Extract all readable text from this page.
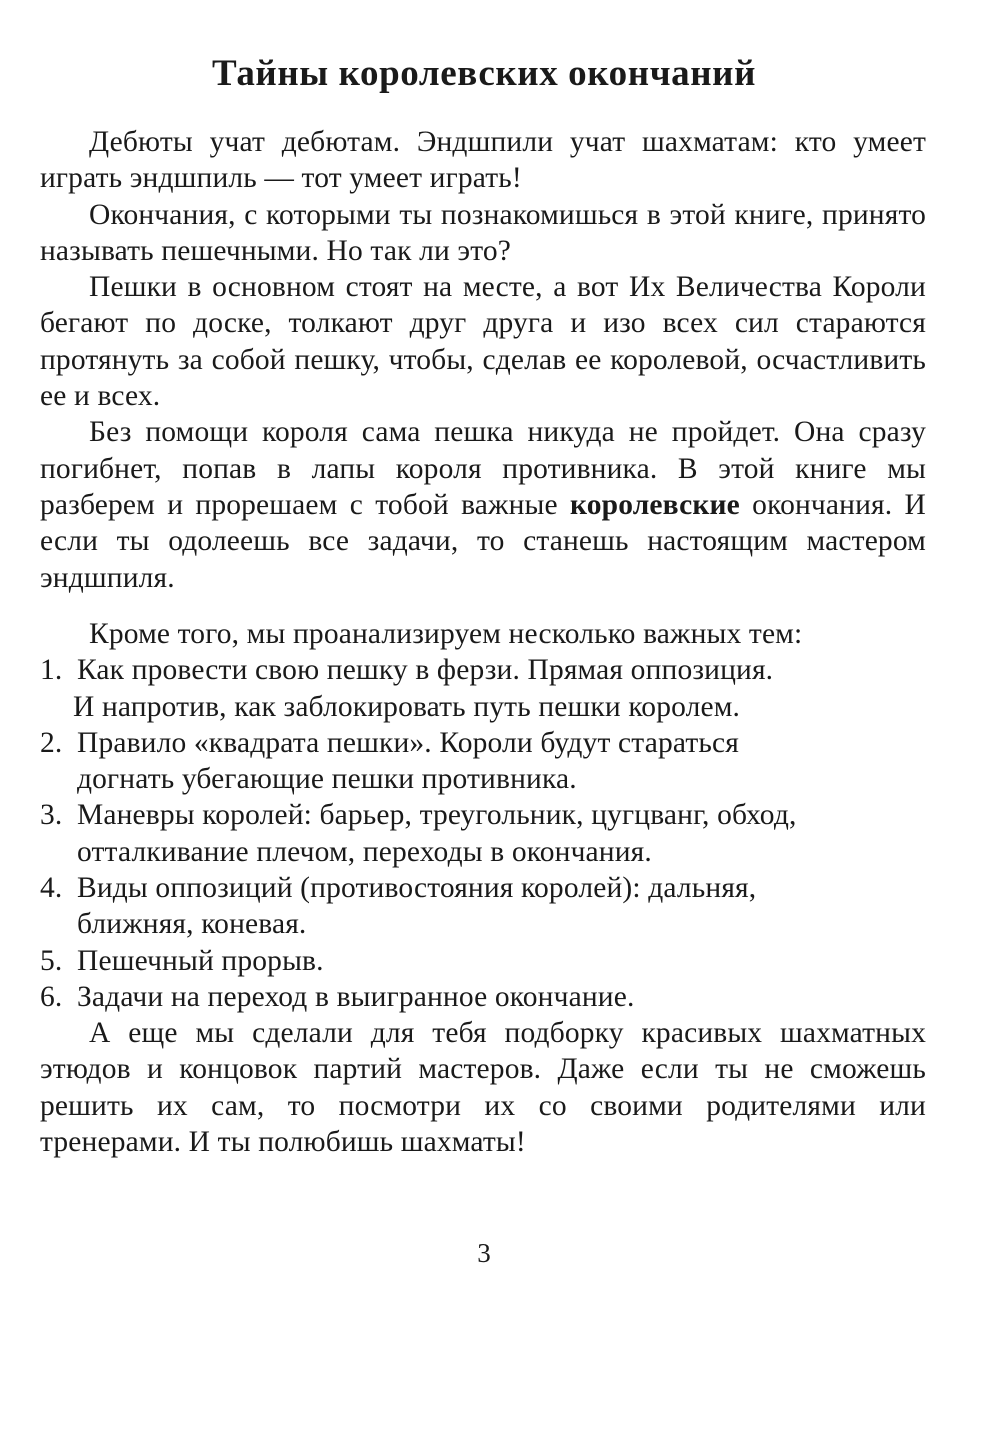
Тайны королевских окончаний

Дебюты учат дебютам. Эндшпили учат шахматам: кто умеет играть эндшпиль — тот умеет играть!

Окончания, с которыми ты познакомишься в этой книге, принято называть пешечными. Но так ли это?

Пешки в основном стоят на месте, а вот Их Величества Короли бегают по доске, толкают друг друга и изо всех сил стараются протянуть за собой пешку, чтобы, сделав ее королевой, осчастливить ее и всех.

Без помощи короля сама пешка никуда не пройдет. Она сразу погибнет, попав в лапы короля противника. В этой книге мы разберем и прорешаем с тобой важные королевские окончания. И если ты одолеешь все задачи, то станешь настоящим мастером эндшпиля.

Кроме того, мы проанализируем несколько важных тем:

1. Как провести свою пешку в ферзи. Прямая оппозиция.
И напротив, как заблокировать путь пешки королем.
2. Правило «квадрата пешки». Короли будут стараться догнать убегающие пешки противника.
3. Маневры королей: барьер, треугольник, цугцванг, обход, отталкивание плечом, переходы в окончания.
4. Виды оппозиций (противостояния королей): дальняя, ближняя, коневая.
5. Пешечный прорыв.
6. Задачи на переход в выигранное окончание.

А еще мы сделали для тебя подборку красивых шахматных этюдов и концовок партий мастеров. Даже если ты не сможешь решить их сам, то посмотри их со своими родителями или тренерами. И ты полюбишь шахматы!

3
